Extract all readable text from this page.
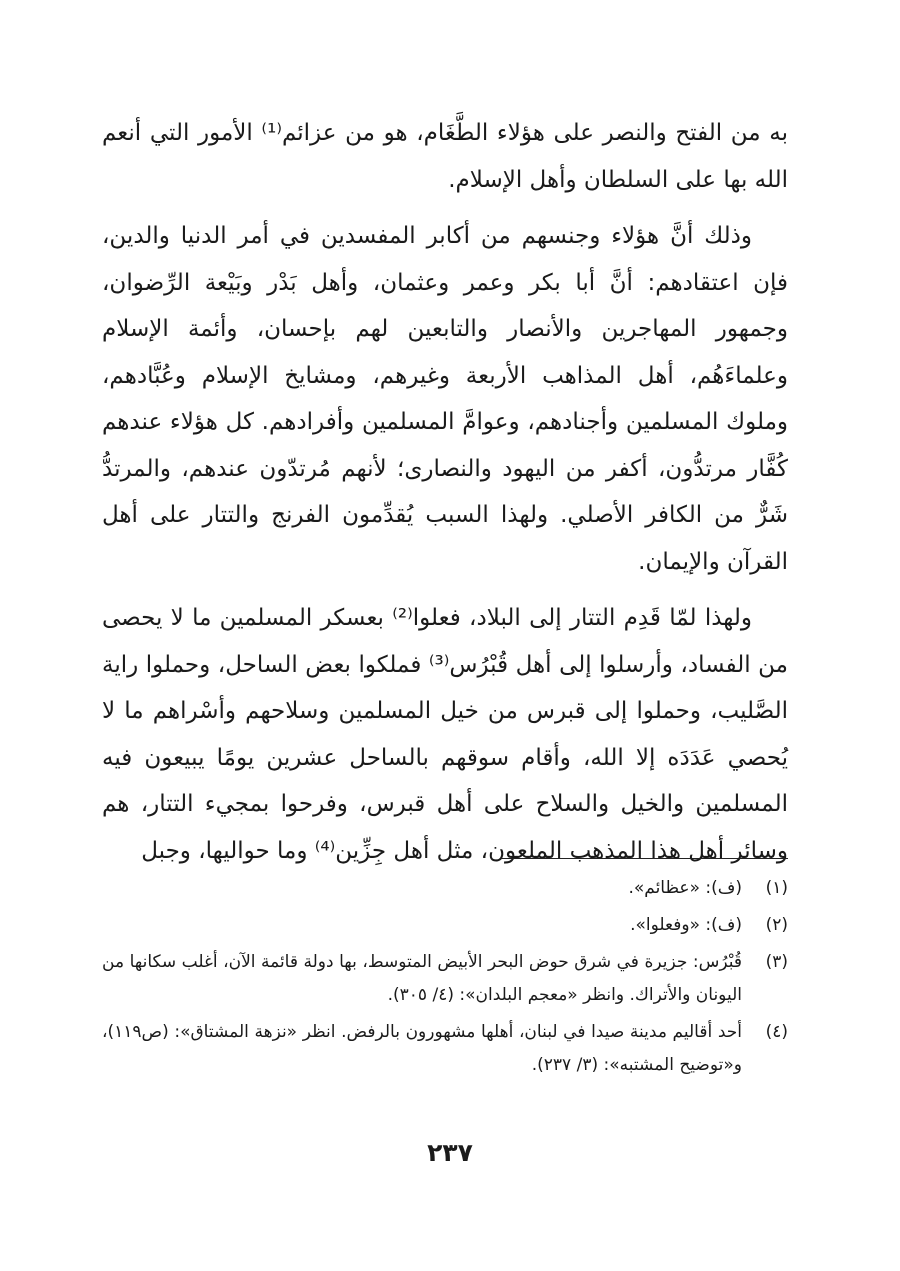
به من الفتح والنصر على هؤلاء الطَّغَام، هو من عزائم⁽¹⁾ الأمور التي أنعم الله بها على السلطان وأهل الإسلام.

وذلك أنَّ هؤلاء وجنسهم من أكابر المفسدين في أمر الدنيا والدين، فإن اعتقادهم: أنَّ أبا بكر وعمر وعثمان، وأهل بَدْر وبَيْعة الرِّضوان، وجمهور المهاجرين والأنصار والتابعين لهم بإحسان، وأئمة الإسلام وعلماءَهُم، أهل المذاهب الأربعة وغيرهم، ومشايخ الإسلام وعُبَّادهم، وملوك المسلمين وأجنادهم، وعوامَّ المسلمين وأفرادهم. كل هؤلاء عندهم كُفَّار مرتدُّون، أكفر من اليهود والنصارى؛ لأنهم مُرتدّون عندهم، والمرتدُّ شَرٌّ من الكافر الأصلي. ولهذا السبب يُقدِّمون الفرنج والتتار على أهل القرآن والإيمان.

ولهذا لمّا قَدِم التتار إلى البلاد، فعلوا⁽²⁾ بعسكر المسلمين ما لا يحصى من الفساد، وأرسلوا إلى أهل قُبْرُس⁽³⁾ فملكوا بعض الساحل، وحملوا راية الصَّليب، وحملوا إلى قبرس من خيل المسلمين وسلاحهم وأسْراهم ما لا يُحصي عَدَدَه إلا الله، وأقام سوقهم بالساحل عشرين يومًا يبيعون فيه المسلمين والخيل والسلاح على أهل قبرس، وفرحوا بمجيء التتار، هم وسائر أهل هذا المذهب الملعون، مثل أهل جِزِّين⁽⁴⁾ وما حواليها، وجبل

(١)
(ف): «عظائم».

(٢)
(ف): «وفعلوا».

(٣)
قُبْرُس: جزيرة في شرق حوض البحر الأبيض المتوسط، بها دولة قائمة الآن، أغلب سكانها من اليونان والأتراك. وانظر «معجم البلدان»: (٤/ ٣٠٥).

(٤)
أحد أقاليم مدينة صيدا في لبنان، أهلها مشهورون بالرفض. انظر «نزهة المشتاق»: (ص١١٩)، و«توضيح المشتبه»: (٣/ ٢٣٧).

٢٣٧
